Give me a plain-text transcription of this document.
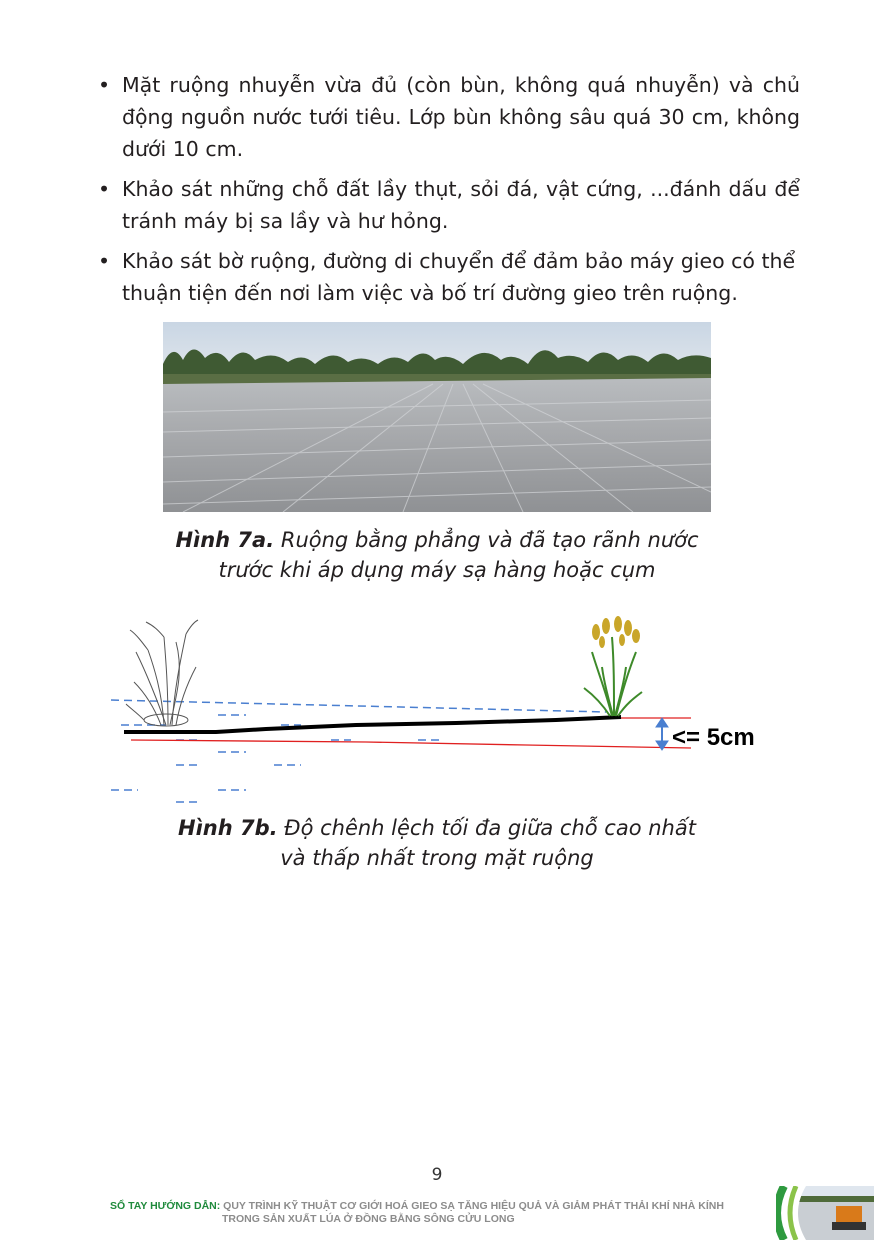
• Mặt ruộng nhuyễn vừa đủ (còn bùn, không quá nhuyễn) và chủ động nguồn nước tưới tiêu. Lớp bùn không sâu quá 30 cm, không dưới 10 cm.
• Khảo sát những chỗ đất lầy thụt, sỏi đá, vật cứng, ...đánh dấu để tránh máy bị sa lầy và hư hỏng.
• Khảo sát bờ ruộng, đường di chuyển để đảm bảo máy gieo có thể thuận tiện đến nơi làm việc và bố trí đường gieo trên ruộng.
Hình 7a. Ruộng bằng phẳng và đã tạo rãnh nước
trước khi áp dụng máy sạ hàng hoặc cụm
<= 5cm
Hình 7b. Độ chênh lệch tối đa giữa chỗ cao nhất
và thấp nhất trong mặt ruộng
9
SỔ TAY HƯỚNG DẪN: QUY TRÌNH KỸ THUẬT CƠ GIỚI HOÁ GIEO SẠ TĂNG HIỆU QUẢ VÀ GIẢM PHÁT THẢI KHÍ NHÀ KÍNH
TRONG SẢN XUẤT LÚA Ở ĐỒNG BẰNG SÔNG CỬU LONG
